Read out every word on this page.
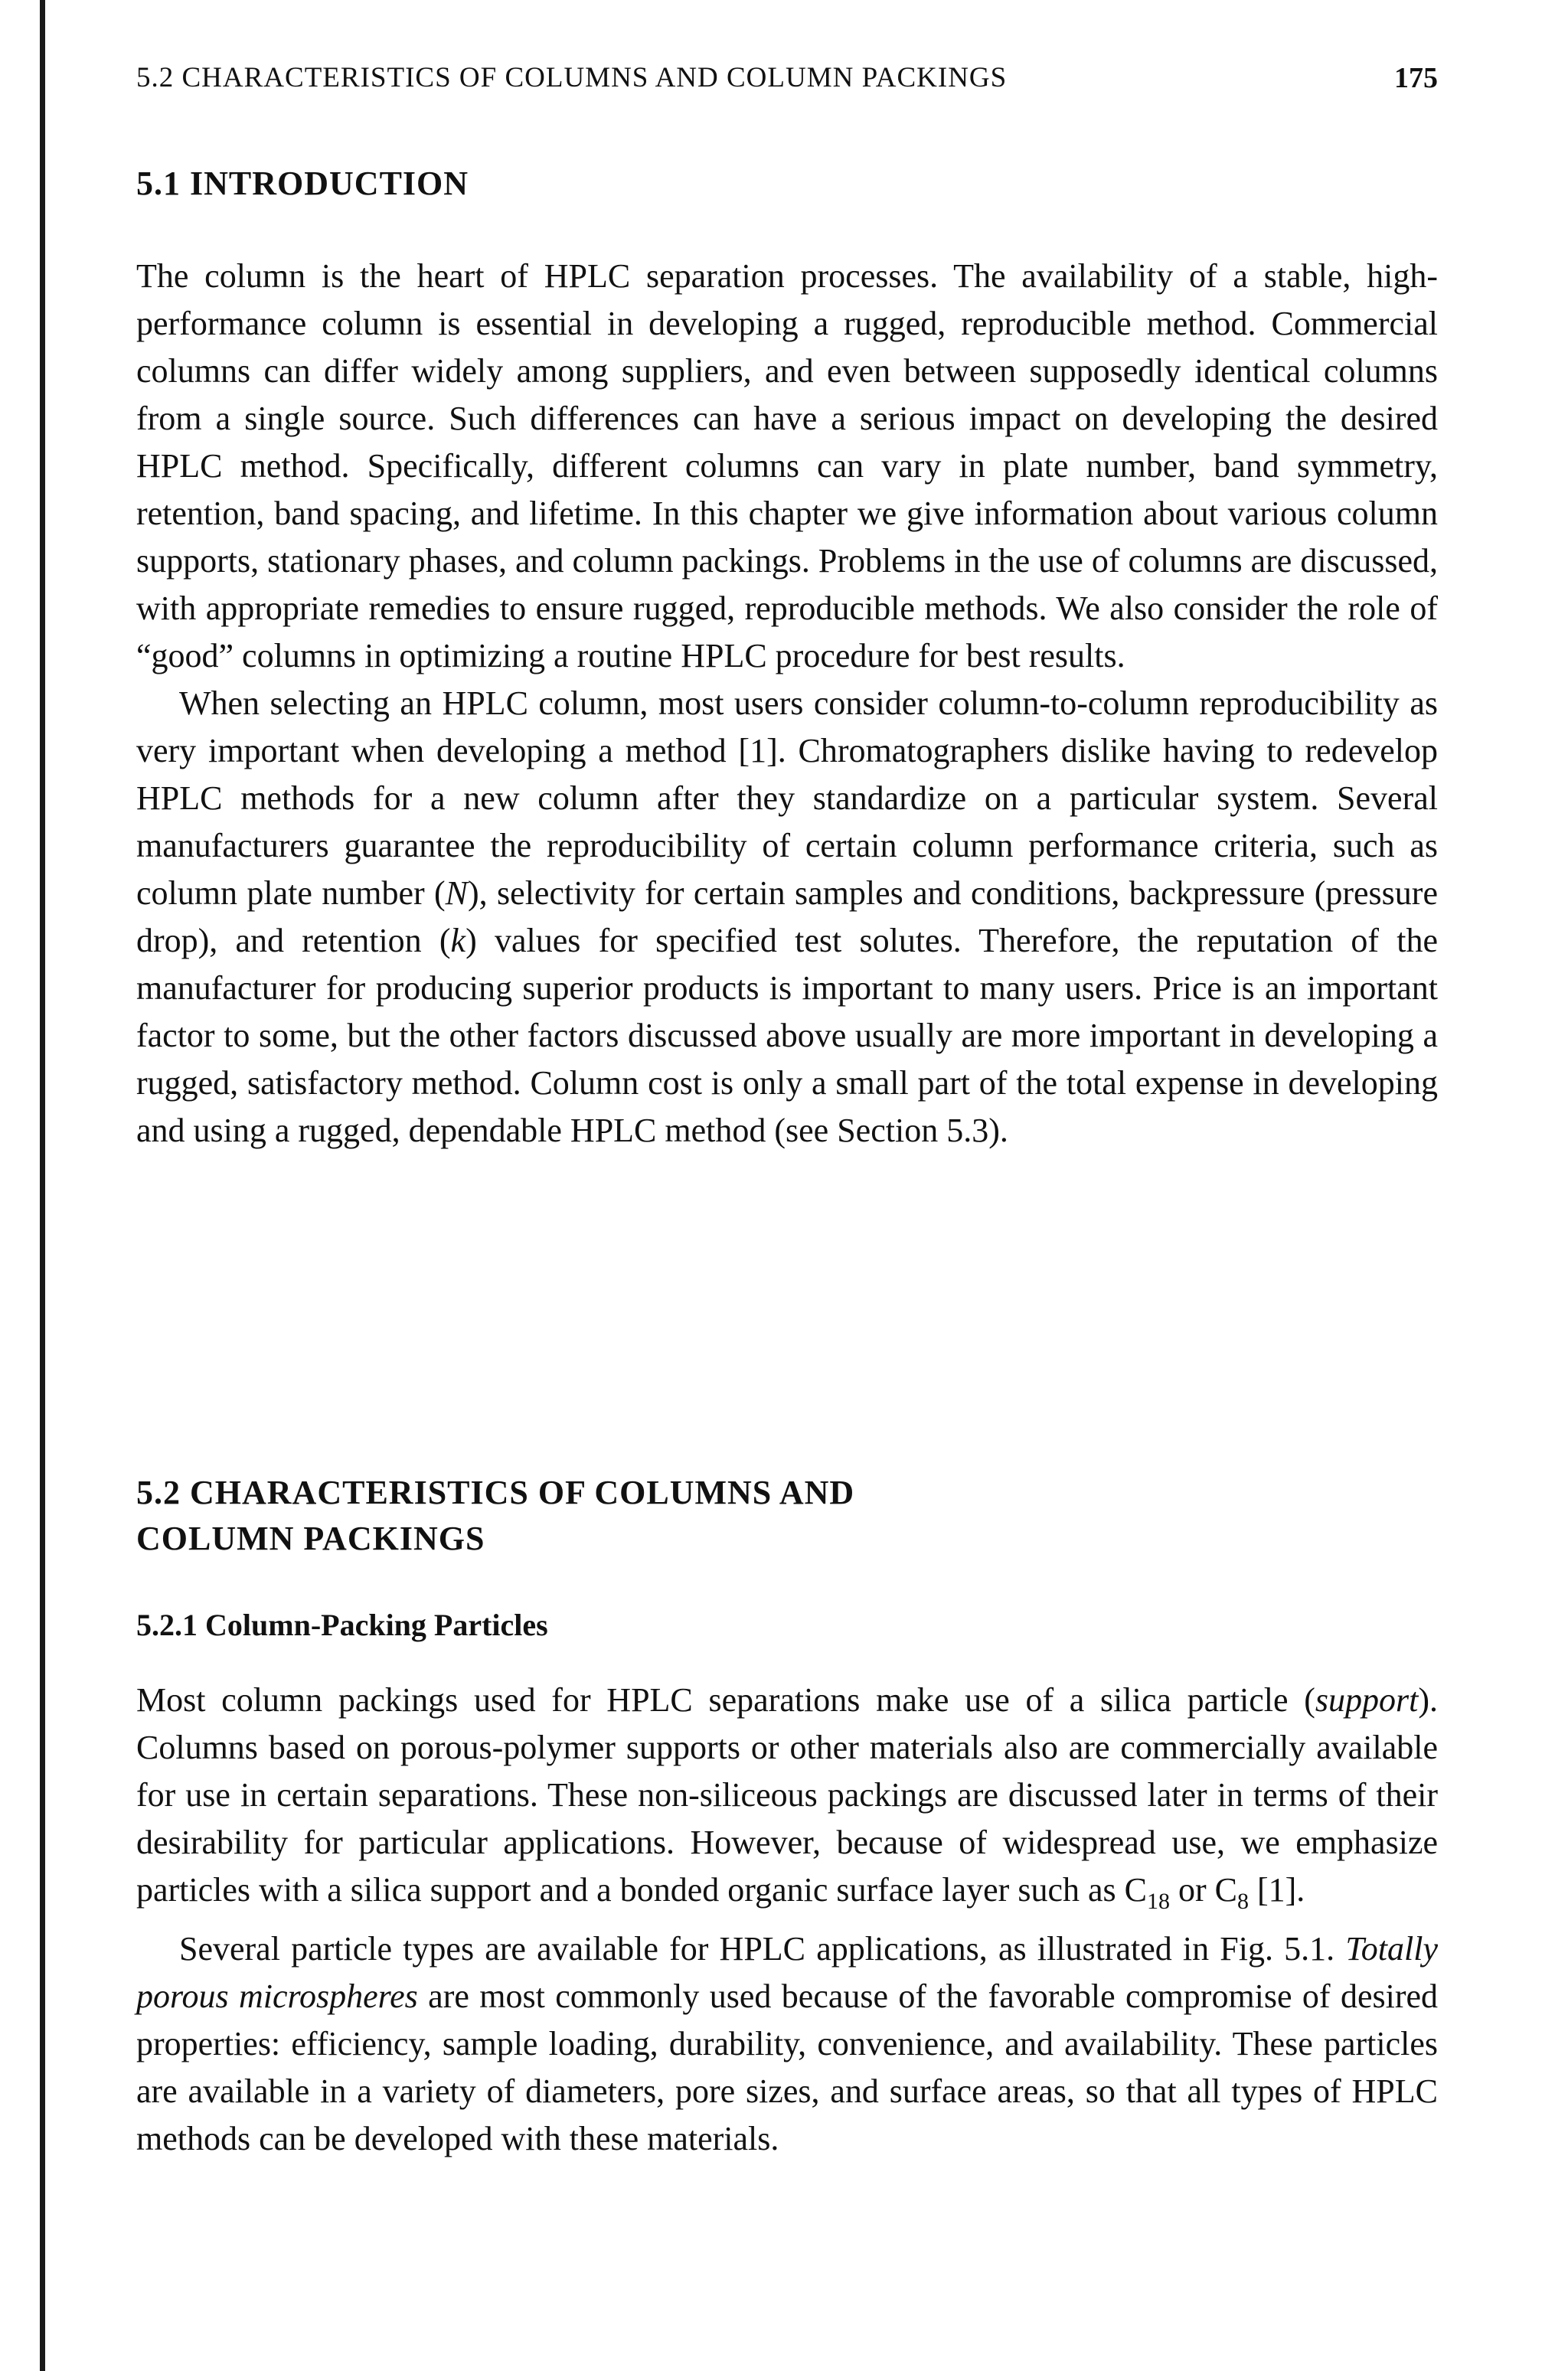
5.2 CHARACTERISTICS OF COLUMNS AND COLUMN PACKINGS	175
5.1 INTRODUCTION

The column is the heart of HPLC separation processes. The availability of a stable, high-performance column is essential in developing a rugged, reproducible method. Commercial columns can differ widely among suppliers, and even between supposedly identical columns from a single source. Such differences can have a serious impact on developing the desired HPLC method. Specifically, different columns can vary in plate number, band symmetry, retention, band spacing, and lifetime. In this chapter we give information about various column supports, stationary phases, and column packings. Problems in the use of columns are discussed, with appropriate remedies to ensure rugged, reproducible methods. We also consider the role of “good” columns in optimizing a routine HPLC procedure for best results.

When selecting an HPLC column, most users consider column-to-column reproducibility as very important when developing a method [1]. Chromatographers dislike having to redevelop HPLC methods for a new column after they standardize on a particular system. Several manufacturers guarantee the reproducibility of certain column performance criteria, such as column plate number (N), selectivity for certain samples and conditions, backpressure (pressure drop), and retention (k) values for specified test solutes. Therefore, the reputation of the manufacturer for producing superior products is important to many users. Price is an important factor to some, but the other factors discussed above usually are more important in developing a rugged, satisfactory method. Column cost is only a small part of the total expense in developing and using a rugged, dependable HPLC method (see Section 5.3).

5.2 CHARACTERISTICS OF COLUMNS AND
COLUMN PACKINGS
5.2.1 Column-Packing Particles

Most column packings used for HPLC separations make use of a silica particle (support). Columns based on porous-polymer supports or other materials also are commercially available for use in certain separations. These non-siliceous packings are discussed later in terms of their desirability for particular applications. However, because of widespread use, we emphasize particles with a silica support and a bonded organic surface layer such as $C_{18}$ or $C_8$ [1].

Several particle types are available for HPLC applications, as illustrated in Fig. 5.1. Totally porous microspheres are most commonly used because of the favorable compromise of desired properties: efficiency, sample loading, durability, convenience, and availability. These particles are available in a variety of diameters, pore sizes, and surface areas, so that all types of HPLC methods can be developed with these materials.
